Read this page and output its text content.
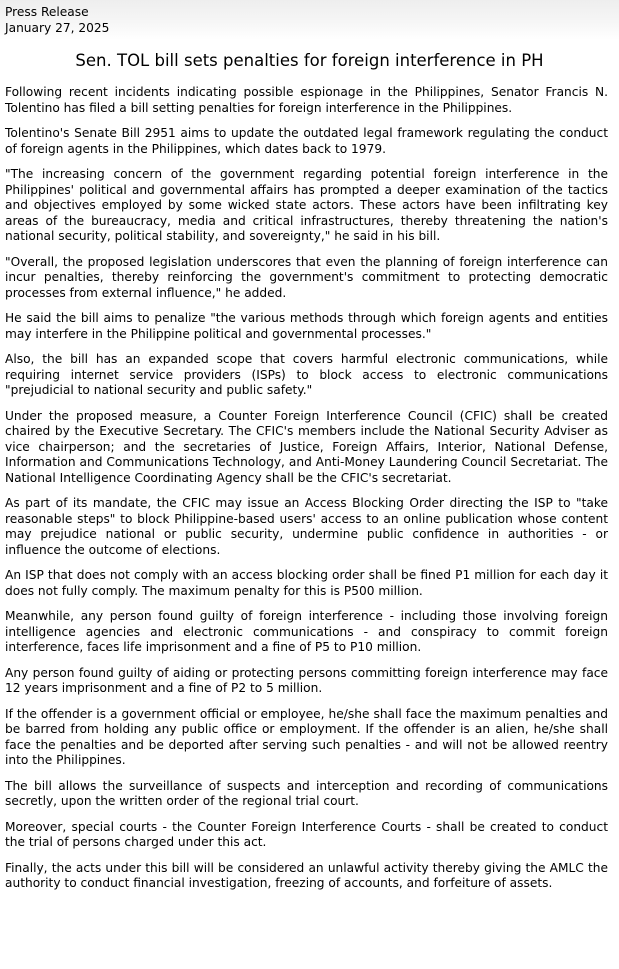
Press Release
January 27, 2025
Sen. TOL bill sets penalties for foreign interference in PH

Following recent incidents indicating possible espionage in the Philippines, Senator Francis N. Tolentino has filed a bill setting penalties for foreign interference in the Philippines.

Tolentino's Senate Bill 2951 aims to update the outdated legal framework regulating the conduct of foreign agents in the Philippines, which dates back to 1979.

"The increasing concern of the government regarding potential foreign interference in the Philippines' political and governmental affairs has prompted a deeper examination of the tactics and objectives employed by some wicked state actors. These actors have been infiltrating key areas of the bureaucracy, media and critical infrastructures, thereby threatening the nation's national security, political stability, and sovereignty," he said in his bill.

"Overall, the proposed legislation underscores that even the planning of foreign interference can incur penalties, thereby reinforcing the government's commitment to protecting democratic processes from external influence," he added.

He said the bill aims to penalize "the various methods through which foreign agents and entities may interfere in the Philippine political and governmental processes."

Also, the bill has an expanded scope that covers harmful electronic communications, while requiring internet service providers (ISPs) to block access to electronic communications "prejudicial to national security and public safety."

Under the proposed measure, a Counter Foreign Interference Council (CFIC) shall be created chaired by the Executive Secretary. The CFIC's members include the National Security Adviser as vice chairperson; and the secretaries of Justice, Foreign Affairs, Interior, National Defense, Information and Communications Technology, and Anti-Money Laundering Council Secretariat. The National Intelligence Coordinating Agency shall be the CFIC's secretariat.

As part of its mandate, the CFIC may issue an Access Blocking Order directing the ISP to "take reasonable steps" to block Philippine-based users' access to an online publication whose content may prejudice national or public security, undermine public confidence in authorities - or influence the outcome of elections.

An ISP that does not comply with an access blocking order shall be fined P1 million for each day it does not fully comply. The maximum penalty for this is P500 million.

Meanwhile, any person found guilty of foreign interference - including those involving foreign intelligence agencies and electronic communications - and conspiracy to commit foreign interference, faces life imprisonment and a fine of P5 to P10 million.

Any person found guilty of aiding or protecting persons committing foreign interference may face 12 years imprisonment and a fine of P2 to 5 million.

If the offender is a government official or employee, he/she shall face the maximum penalties and be barred from holding any public office or employment. If the offender is an alien, he/she shall face the penalties and be deported after serving such penalties - and will not be allowed reentry into the Philippines.

The bill allows the surveillance of suspects and interception and recording of communications secretly, upon the written order of the regional trial court.

Moreover, special courts - the Counter Foreign Interference Courts - shall be created to conduct the trial of persons charged under this act.

Finally, the acts under this bill will be considered an unlawful activity thereby giving the AMLC the authority to conduct financial investigation, freezing of accounts, and forfeiture of assets.
